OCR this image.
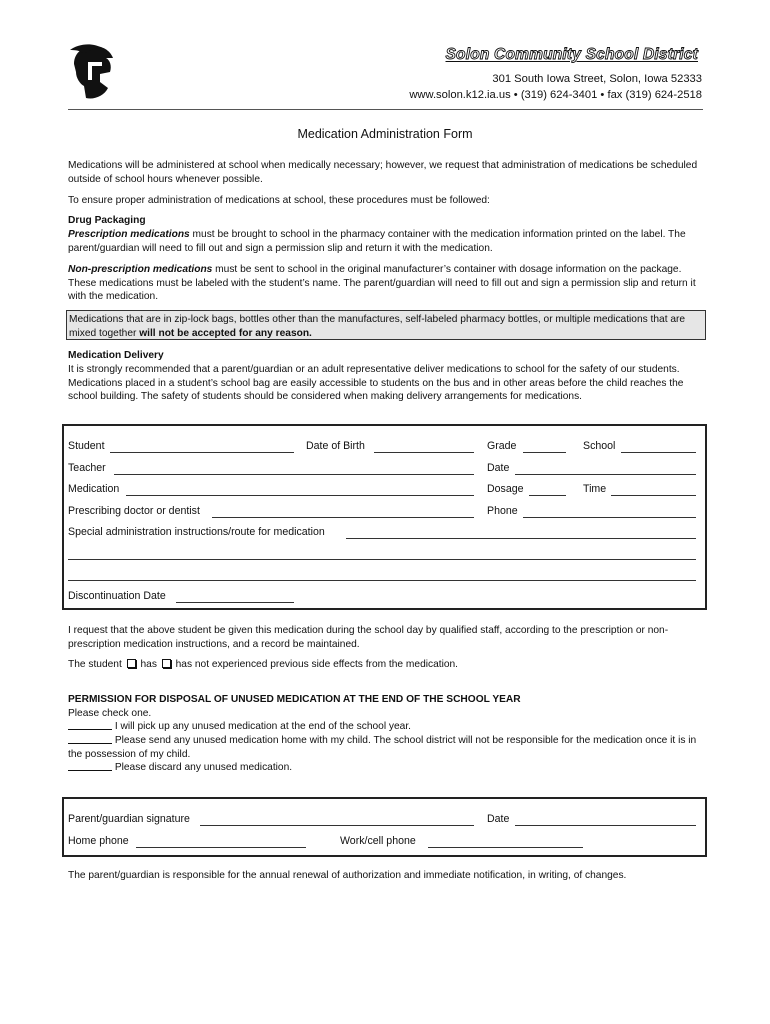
Solon Community School District
301 South Iowa Street, Solon, Iowa 52333
www.solon.k12.ia.us • (319) 624-3401 • fax (319) 624-2518
Medication Administration Form
Medications will be administered at school when medically necessary; however, we request that administration of medications be scheduled outside of school hours whenever possible.
To ensure proper administration of medications at school, these procedures must be followed:
Drug Packaging
Prescription medications must be brought to school in the pharmacy container with the medication information printed on the label. The parent/guardian will need to fill out and sign a permission slip and return it with the medication.
Non-prescription medications must be sent to school in the original manufacturer’s container with dosage information on the package. These medications must be labeled with the student’s name. The parent/guardian will need to fill out and sign a permission slip and return it with the medication.
Medications that are in zip-lock bags, bottles other than the manufactures, self-labeled pharmacy bottles, or multiple medications that are mixed together will not be accepted for any reason.
Medication Delivery
It is strongly recommended that a parent/guardian or an adult representative deliver medications to school for the safety of our students. Medications placed in a student’s school bag are easily accessible to students on the bus and in other areas before the child reaches the school building. The safety of students should be considered when making delivery arrangements for medications.
Student	Date of Birth	Grade	School
Teacher	Date
Medication	Dosage	Time
Prescribing doctor or dentist	Phone
Special administration instructions/route for medication
Discontinuation Date
I request that the above student be given this medication during the school day by qualified staff, according to the prescription or non-prescription medication instructions, and a record be maintained.
The student has has not experienced previous side effects from the medication.
PERMISSION FOR DISPOSAL OF UNUSED MEDICATION AT THE END OF THE SCHOOL YEAR
Please check one.
I will pick up any unused medication at the end of the school year.
Please send any unused medication home with my child. The school district will not be responsible for the medication once it is in the possession of my child.
Please discard any unused medication.
Parent/guardian signature	Date
Home phone	Work/cell phone
The parent/guardian is responsible for the annual renewal of authorization and immediate notification, in writing, of changes.
